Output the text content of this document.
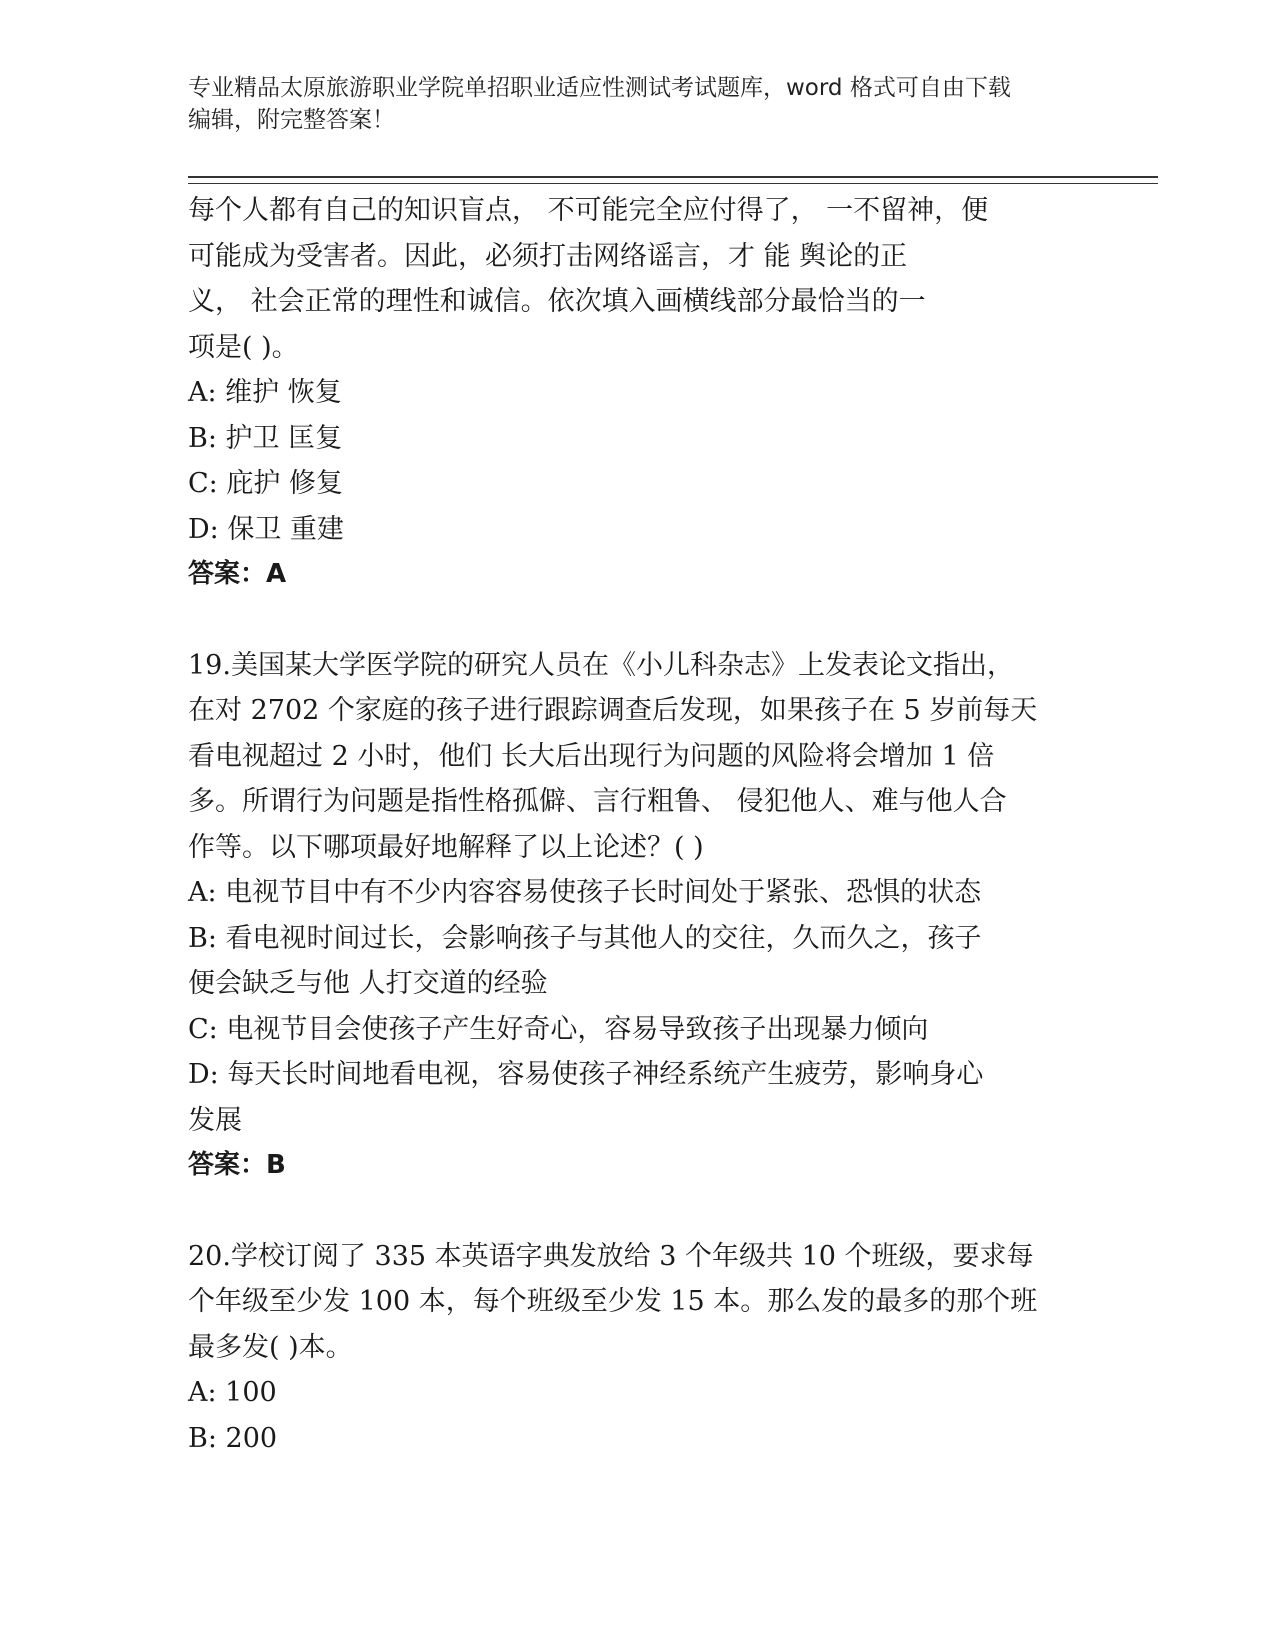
专业精品太原旅游职业学院单招职业适应性测试考试题库，word 格式可自由下载
编辑，附完整答案！

每个人都有自己的知识盲点， 不可能完全应付得了， 一不留神，便

可能成为受害者。因此，必须打击网络谣言，才 能 舆论的正

义， 社会正常的理性和诚信。依次填入画横线部分最恰当的一

项是( )。

A: 维护 恢复

B: 护卫 匡复

C: 庇护 修复

D: 保卫 重建

答案：A

19.美国某大学医学院的研究人员在《小儿科杂志》上发表论文指出，

在对 2702 个家庭的孩子进行跟踪调查后发现，如果孩子在 5 岁前每天

看电视超过 2 小时，他们 长大后出现行为问题的风险将会增加 1 倍

多。所谓行为问题是指性格孤僻、言行粗鲁、 侵犯他人、难与他人合

作等。以下哪项最好地解释了以上论述？( )

A: 电视节目中有不少内容容易使孩子长时间处于紧张、恐惧的状态

B: 看电视时间过长，会影响孩子与其他人的交往，久而久之，孩子

便会缺乏与他 人打交道的经验

C: 电视节目会使孩子产生好奇心，容易导致孩子出现暴力倾向

D: 每天长时间地看电视，容易使孩子神经系统产生疲劳，影响身心

发展

答案：B

20.学校订阅了 335 本英语字典发放给 3 个年级共 10 个班级，要求每

个年级至少发 100 本，每个班级至少发 15 本。那么发的最多的那个班

最多发( )本。

A: 100

B: 200
